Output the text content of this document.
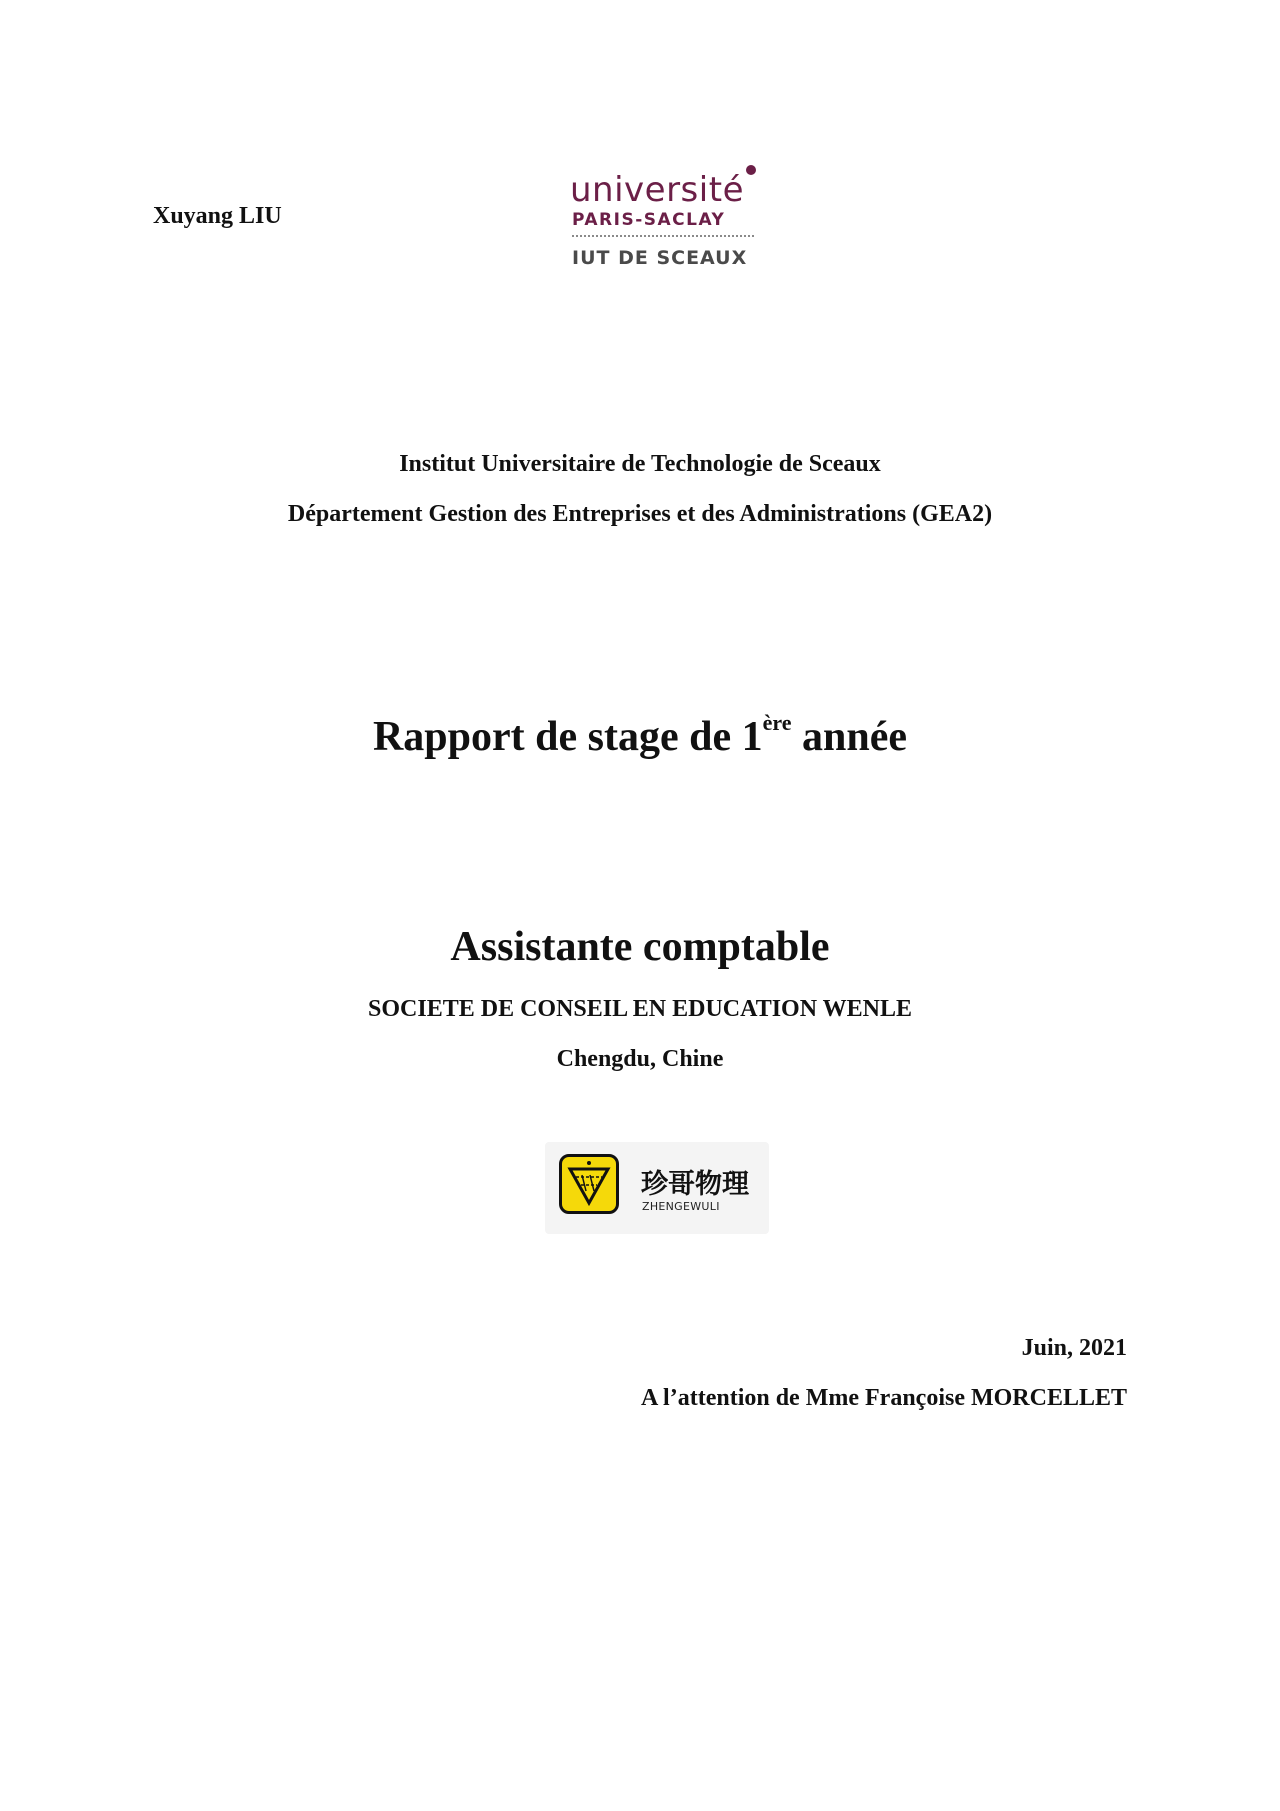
Xuyang LIU
université
PARIS-SACLAY
IUT DE SCEAUX
Institut Universitaire de Technologie de Sceaux
Département Gestion des Entreprises et des Administrations (GEA2)
Rapport de stage de 1ère année
Assistante comptable
SOCIETE DE CONSEIL EN EDUCATION WENLE
Chengdu, Chine
珍哥物理
ZHENGEWULI
Juin, 2021
A l’attention de Mme Françoise MORCELLET
